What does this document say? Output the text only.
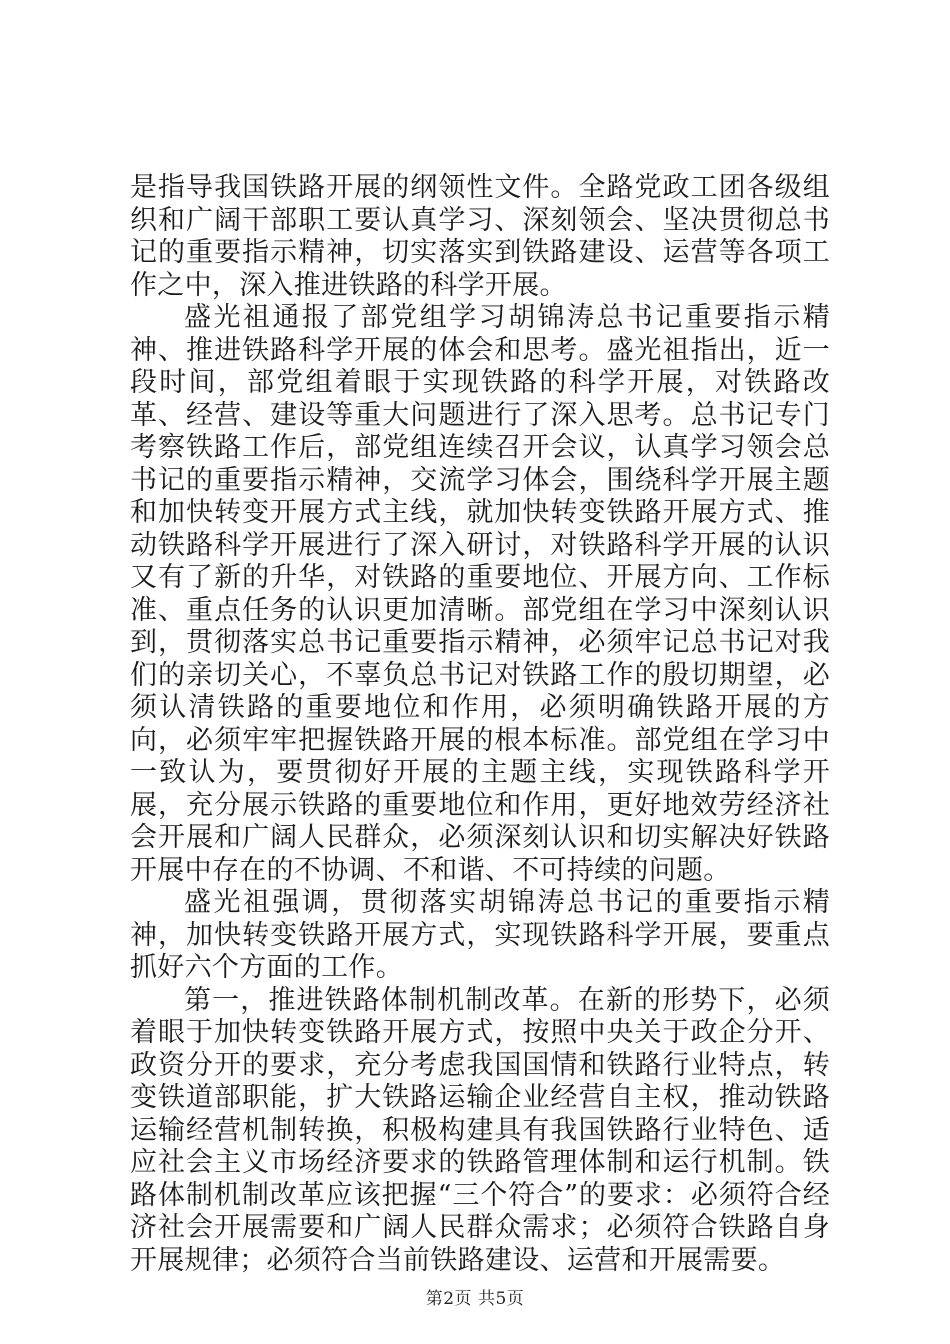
是指导我国铁路开展的纲领性文件。全路党政工团各级组织和广阔干部职工要认真学习、深刻领会、坚决贯彻总书记的重要指示精神，切实落实到铁路建设、运营等各项工作之中，深入推进铁路的科学开展。

盛光祖通报了部党组学习胡锦涛总书记重要指示精神、推进铁路科学开展的体会和思考。盛光祖指出，近一段时间，部党组着眼于实现铁路的科学开展，对铁路改革、经营、建设等重大问题进行了深入思考。总书记专门考察铁路工作后，部党组连续召开会议，认真学习领会总书记的重要指示精神，交流学习体会，围绕科学开展主题和加快转变开展方式主线，就加快转变铁路开展方式、推动铁路科学开展进行了深入研讨，对铁路科学开展的认识又有了新的升华，对铁路的重要地位、开展方向、工作标准、重点任务的认识更加清晰。部党组在学习中深刻认识到，贯彻落实总书记重要指示精神，必须牢记总书记对我们的亲切关心，不辜负总书记对铁路工作的殷切期望，必须认清铁路的重要地位和作用，必须明确铁路开展的方向，必须牢牢把握铁路开展的根本标准。部党组在学习中一致认为，要贯彻好开展的主题主线，实现铁路科学开展，充分展示铁路的重要地位和作用，更好地效劳经济社会开展和广阔人民群众，必须深刻认识和切实解决好铁路开展中存在的不协调、不和谐、不可持续的问题。

盛光祖强调，贯彻落实胡锦涛总书记的重要指示精神，加快转变铁路开展方式，实现铁路科学开展，要重点抓好六个方面的工作。

第一，推进铁路体制机制改革。在新的形势下，必须着眼于加快转变铁路开展方式，按照中央关于政企分开、政资分开的要求，充分考虑我国国情和铁路行业特点，转变铁道部职能，扩大铁路运输企业经营自主权，推动铁路运输经营机制转换，积极构建具有我国铁路行业特色、适应社会主义市场经济要求的铁路管理体制和运行机制。铁路体制机制改革应该把握“三个符合”的要求：必须符合经济社会开展需要和广阔人民群众需求；必须符合铁路自身开展规律；必须符合当前铁路建设、运营和开展需要。

第2页 共5页
